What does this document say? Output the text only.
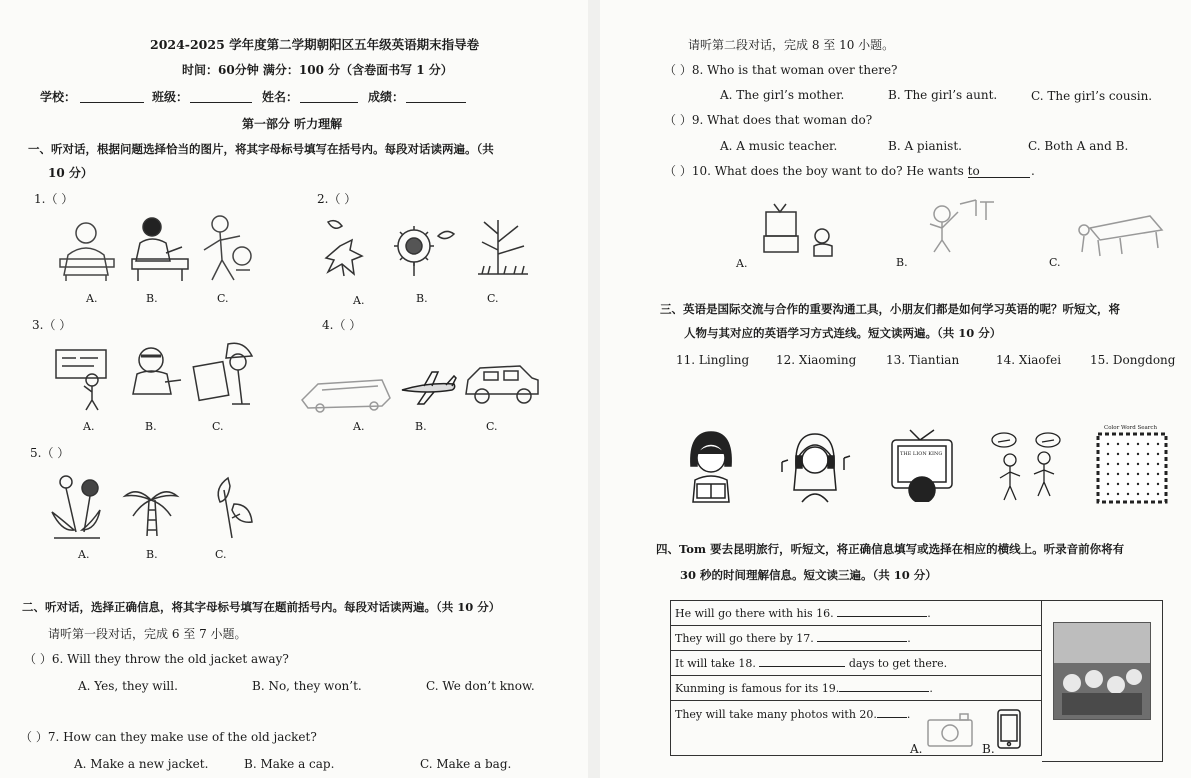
2024-2025 学年度第二学期朝阳区五年级英语期末指导卷
时间：60分钟 满分：100 分（含卷面书写 1 分）
学校：	班级：	姓名：	成绩：
第一部分 听力理解
一、听对话，根据问题选择恰当的图片，将其字母标号填写在括号内。每段对话读两遍。（共
10 分）
1.（ ）
A.	B.	C.
2.（ ）
A.	B.	C.
3.（ ）
A.	B.	C.
4.（ ）
A.	B.	C.
5.（ ）
A.	B.	C.
二、听对话，选择正确信息，将其字母标号填写在题前括号内。每段对话读两遍。（共 10 分）
请听第一段对话，完成 6 至 7 小题。
（ ）6. Will they throw the old jacket away?
A. Yes, they will.	B. No, they won’t.	C. We don’t know.
（ ）7. How can they make use of the old jacket?
A. Make a new jacket.	B. Make a cap.	C. Make a bag.
请听第二段对话，完成 8 至 10 小题。
（ ）8. Who is that woman over there?
A. The girl’s mother.	B. The girl’s aunt.	C. The girl’s cousin.
（ ）9. What does that woman do?
A. A music teacher.	B. A pianist.	C. Both A and B.
（ ）10. What does the boy want to do? He wants to	.
A.	B.	C.
三、英语是国际交流与合作的重要沟通工具，小朋友们都是如何学习英语的呢？听短文，将
人物与其对应的英语学习方式连线。短文读两遍。（共 10 分）
11. Lingling 12. Xiaoming 13. Tiantian	14. Xiaofei 15. Dongdong
THE LION KING
Color Word Search
四、Tom 要去昆明旅行，听短文，将正确信息填写或选择在相应的横线上。听录音前你将有
30 秒的时间理解信息。短文读三遍。（共 10 分）
He will go there with his 16.	.
They will go there by 17.	.
It will take 18.	days to get there.
Kunming is famous for its 19.	.
They will take many photos with 20.	.
A.	B.
